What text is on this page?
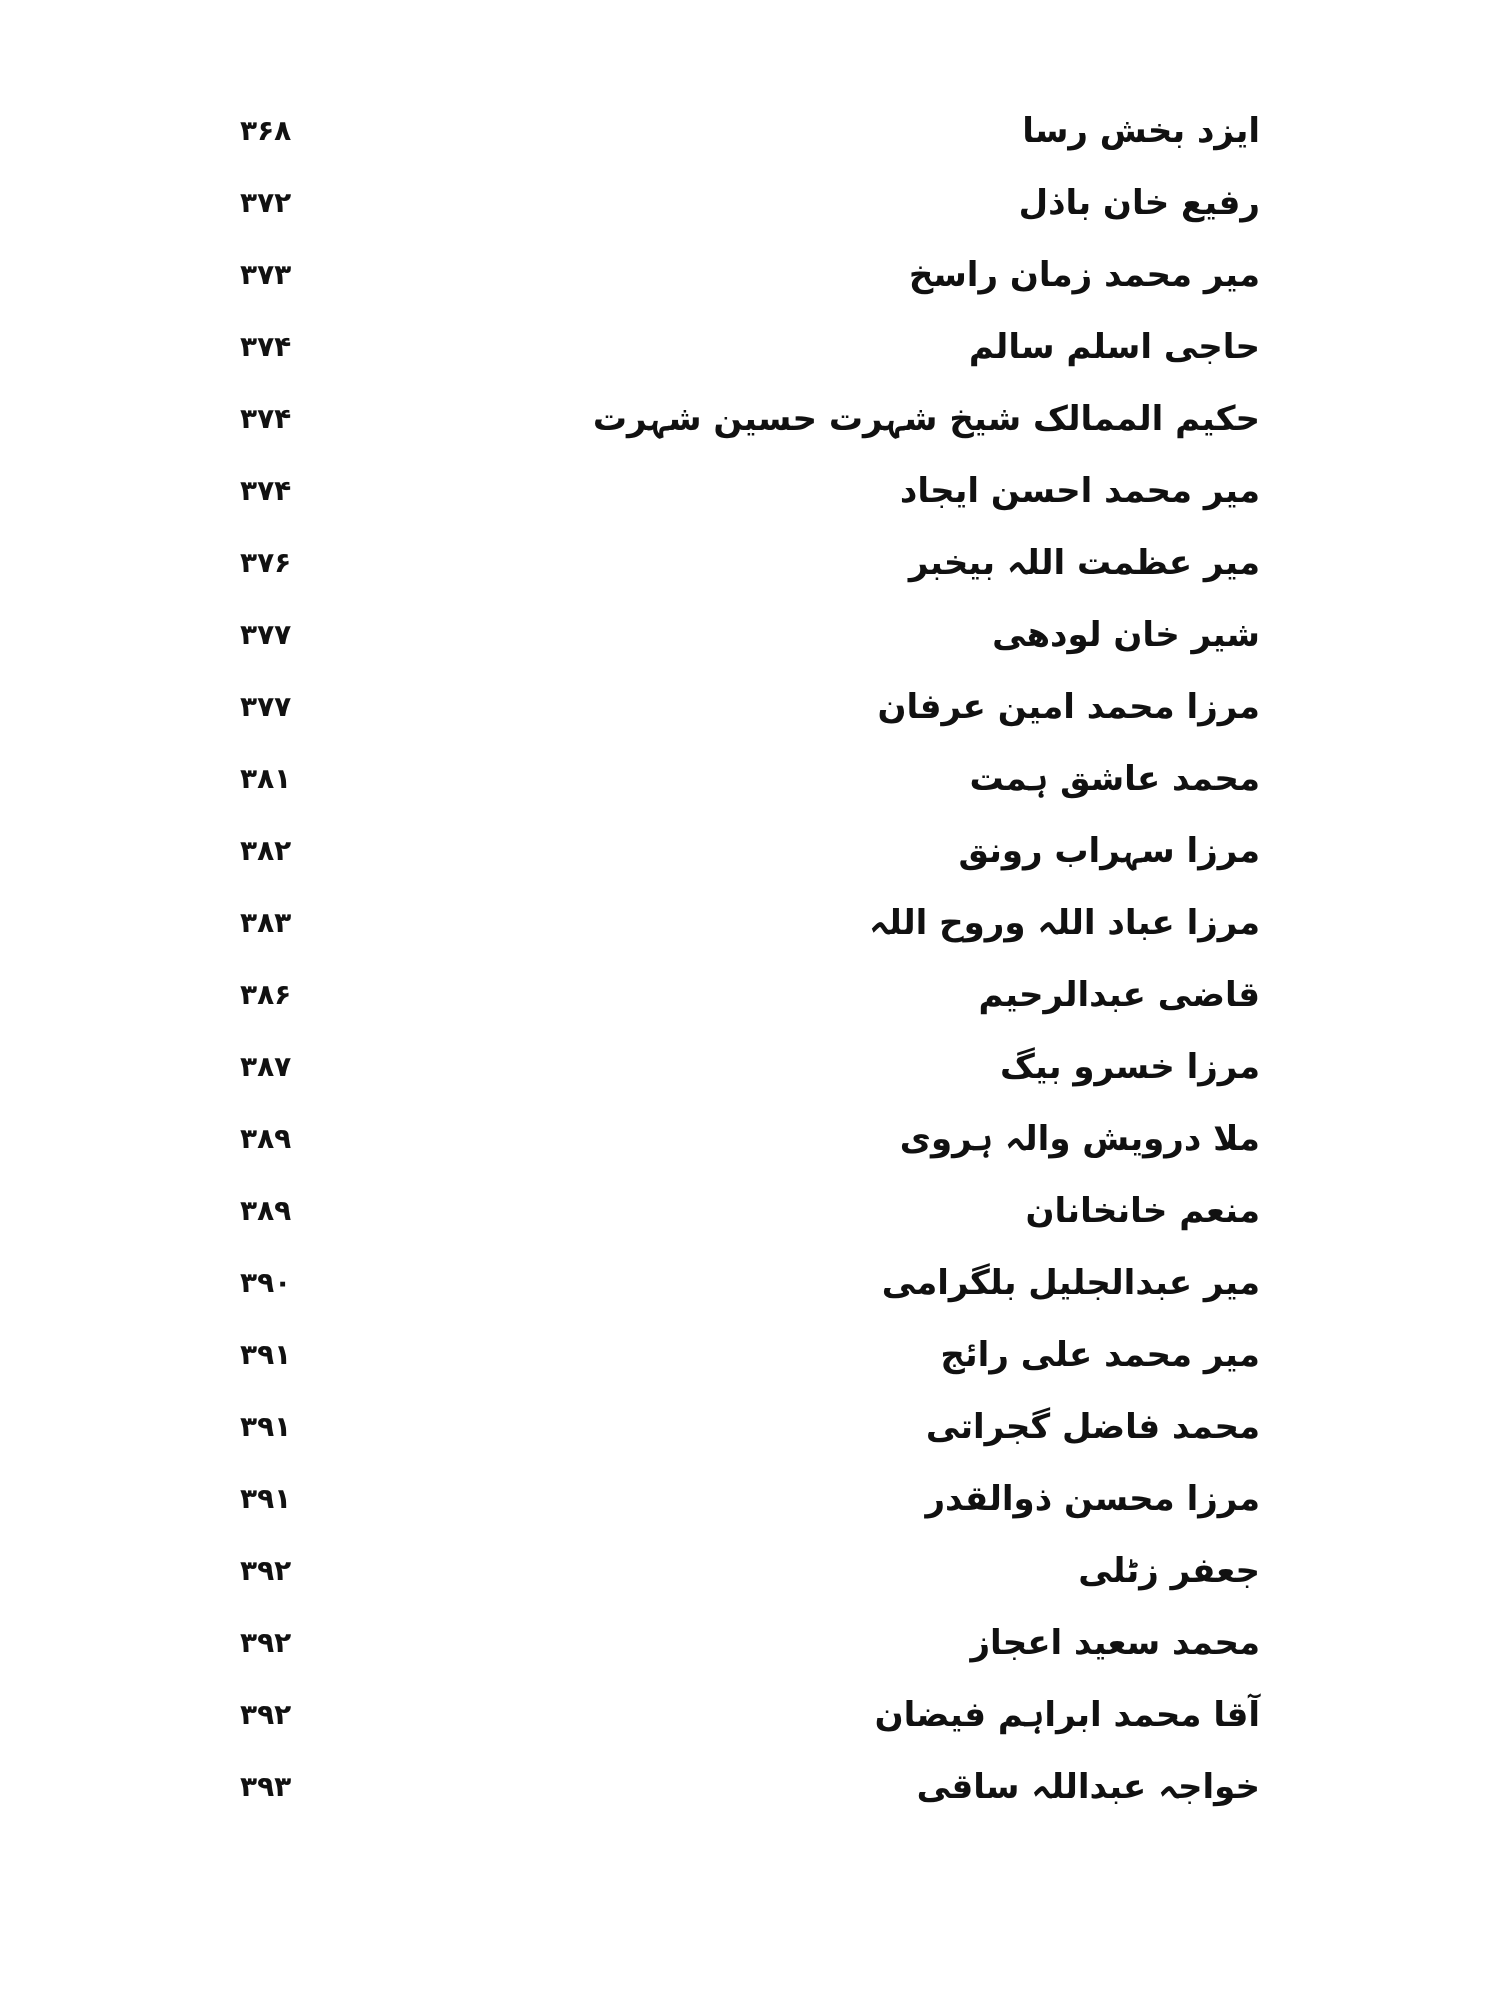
ایزد بخش رسا
۳۶۸
رفیع خان باذل
۳۷۲
میر محمد زمان راسخ
۳۷۳
حاجی اسلم سالم
۳۷۴
حکیم الممالک شیخ شہرت حسین شہرت
۳۷۴
میر محمد احسن ایجاد
۳۷۴
میر عظمت اللہ بیخبر
۳۷۶
شیر خان لودھی
۳۷۷
مرزا محمد امین عرفان
۳۷۷
محمد عاشق ہمت
۳۸۱
مرزا سہراب رونق
۳۸۲
مرزا عباد اللہ وروح اللہ
۳۸۳
قاضی عبدالرحیم
۳۸۶
مرزا خسرو بیگ
۳۸۷
ملا درویش والہ ہروی
۳۸۹
منعم خانخانان
۳۸۹
میر عبدالجلیل بلگرامی
۳۹۰
میر محمد علی رائج
۳۹۱
محمد فاضل گجراتی
۳۹۱
مرزا محسن ذوالقدر
۳۹۱
جعفر زٹلی
۳۹۲
محمد سعید اعجاز
۳۹۲
آقا محمد ابراہم فیضان
۳۹۲
خواجہ عبداللہ ساقی
۳۹۳
